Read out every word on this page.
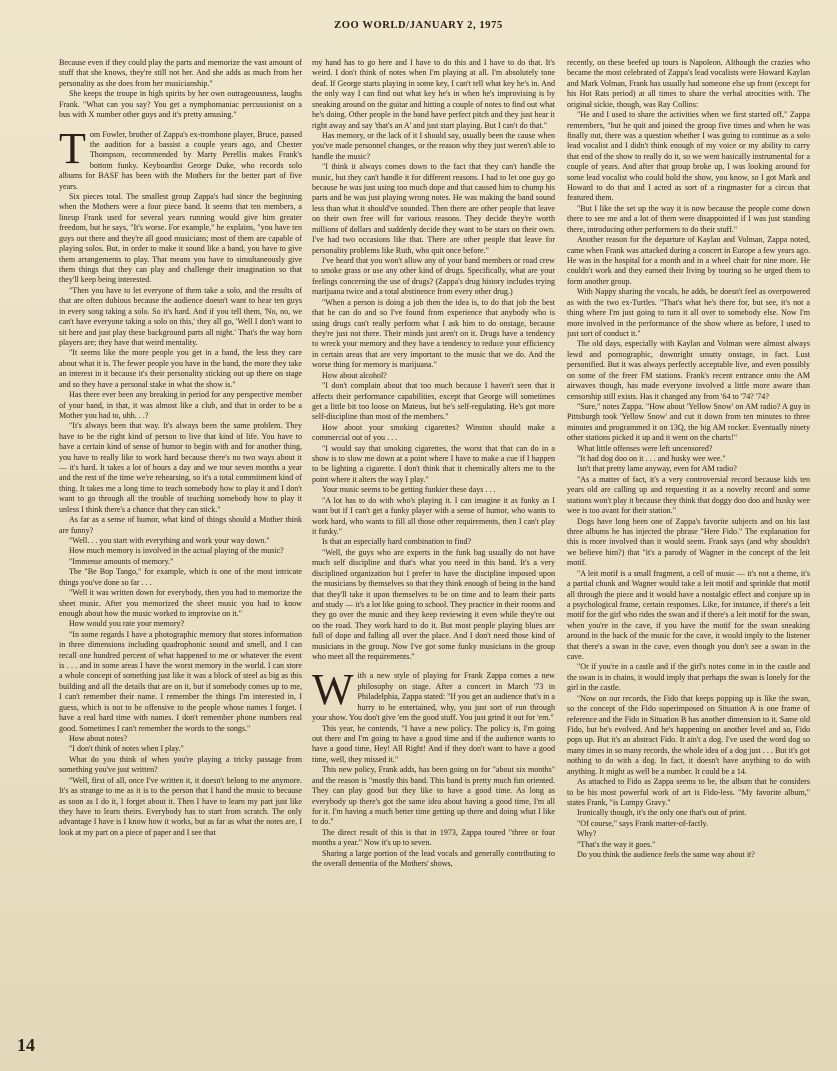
ZOO WORLD/JANUARY 2, 1975

Because even if they could play the parts and memorize the vast amount of stuff that she knows, they're still not her. And she adds as much from her personality as she does from her musicianship."

She keeps the troupe in high spirits by her own outrageousness, laughs Frank. "What can you say? You get a nymphomaniac percussionist on a bus with X number other guys and it's pretty amusing."

Tom Fowler, brother of Zappa's ex-trombone player, Bruce, passed the audition for a bassist a couple years ago, and Chester Thompson, recommended by Marty Perellis makes Frank's bottom funky. Keyboardist George Duke, who records solo albums for BASF has been with the Mothers for the better part of five years.

Six pieces total. The smallest group Zappa's had since the beginning when the Mothers were a four piece band. It seems that ten members, a lineup Frank used for several years running would give him greater freedom, but he says, "It's worse. For example," he explains, "you have ten guys out there and they're all good musicians; most of them are capable of playing solos. But, in order to make it sound like a band, you have to give them arrangements to play. That means you have to simultaneously give them things that they can play and challenge their imagination so that they'll keep being interested.

"Then you have to let everyone of them take a solo, and the results of that are often dubious because the audience doesn't want to hear ten guys in every song taking a solo. So it's hard. And if you tell them, 'No, no, we can't have everyone taking a solo on this,' they all go, 'Well I don't want to sit here and just play these background parts all night.' That's the way horn players are; they have that weird mentality.

"It seems like the more people you get in a band, the less they care about what it is. The fewer people you have in the band, the more they take an interest in it because it's their personality sticking out up there on stage and so they have a personal stake in what the show is."

Has there ever been any breaking in period for any perspective member of your band, in that, it was almost like a club, and that in order to be a Mother you had to, uhh. . .?

"It's always been that way. It's always been the same problem. They have to be the right kind of person to live that kind of life. You have to have a certain kind of sense of humor to begin with and for another thing, you have to really like to work hard because there's no two ways about it — it's hard. It takes a lot of hours a day and we tour seven months a year and the rest of the time we're rehearsing, so it's a total commitment kind of thing. It takes me a long time to teach somebody how to play it and I don't want to go through all the trouble of teaching somebody how to play it unless I think there's a chance that they can stick."

As far as a sense of humor, what kind of things should a Mother think are funny?

"Well. . . you start with everything and work your way down."

How much memory is involved in the actual playing of the music?

"Immense amounts of memory."

The "Be Bop Tango," for example, which is one of the most intricate things you've done so far . . .

"Well it was written down for everybody, then you had to memorize the sheet music. After you memorized the sheet music you had to know enough about how the music worked to improvise on it."

How would you rate your memory?

"In some regards I have a photographic memory that stores information in three dimensions including quadrophonic sound and smell, and I can recall one hundred percent of what happened to me or whatever the event is . . . and in some areas I have the worst memory in the world. I can store a whole concept of something just like it was a block of steel as big as this building and all the details that are on it, but if somebody comes up to me, I can't remember their name. I remember the things I'm interested in, I guess, which is not to be offensive to the people whose names I forget. I have a real hard time with names. I don't remember phone numbers real good. Sometimes I can't remember the words to the songs."

How about notes?

"I don't think of notes when I play."

What do you think of when you're playing a tricky passage from something you've just written?

"Well, first of all, once I've written it, it doesn't belong to me anymore. It's as strange to me as it is to the person that I hand the music to because as soon as I do it, I forget about it. Then I have to learn my part just like they have to learn theirs. Everybody has to start from scratch. The only advantage I have is I know how it works, but as far as what the notes are, I look at my part on a piece of paper and I see that

my hand has to go here and I have to do this and I have to do that. It's weird. I don't think of notes when I'm playing at all. I'm absolutely tone deaf. If George starts playing in some key, I can't tell what key he's in. And the only way I can find out what key he's in when he's improvising is by sneaking around on the guitar and hitting a couple of notes to find out what he's doing. Other people in the band have perfect pitch and they just hear it right away and say 'that's an A' and just start playing. But I can't do that."

Has memory, or the lack of it I should say, usually been the cause when you've made personnel changes, or the reason why they just weren't able to handle the music?

"I think it always comes down to the fact that they can't handle the music, but they can't handle it for different reasons. I had to let one guy go because he was just using too much dope and that caused him to chump his parts and he was just playing wrong notes. He was making the band sound less than what it should've sounded. Then there are other people that leave on their own free will for various reasons. They decide they're worth millions of dollars and suddenly decide they want to be stars on their own. I've had two occasions like that. There are other people that leave for personality problems like Ruth, who quit once before."

I've heard that you won't allow any of your band members or road crew to smoke grass or use any other kind of drugs. Specifically, what are your feelings concerning the use of drugs? (Zappa's drug history includes trying marijuana twice and a total abstinence from every other drug.)

"When a person is doing a job then the idea is, to do that job the best that he can do and so I've found from experience that anybody who is using drugs can't really perform what I ask him to do onstage, because they're just not there. Their minds just aren't on it. Drugs have a tendency to wreck your memory and they have a tendency to reduce your efficiency in certain areas that are very important to the music that we do. And the worse thing for memory is marijuana."

How about alcohol?

"I don't complain about that too much because I haven't seen that it affects their performance capabilities, except that George will sometimes get a little bit too loose on Mateus, but he's self-regulating. He's got more self-discipline than most of the members."

How about your smoking cigarettes? Winston should make a commercial out of you . . .

"I would say that smoking cigarettes, the worst that that can do in a show is to slow me down at a point where I have to make a cue if I happen to be lighting a cigarette. I don't think that it chemically alters me to the point where it alters the way I play."

Your music seems to be getting funkier these days . . .

"A lot has to do with who's playing it. I can imagine it as funky as I want but if I can't get a funky player with a sense of humor, who wants to work hard, who wants to fill all those other requirements, then I can't play it funky."

Is that an especially hard combination to find?

"Well, the guys who are experts in the funk bag usually do not have much self discipline and that's what you need in this band. It's a very disciplined organization but I prefer to have the discipline imposed upon the musicians by themselves so that they think enough of being in the band that they'll take it upon themselves to be on time and to learn their parts and study — it's a lot like going to school. They practice in their rooms and they go over the music and they keep reviewing it even while they're out on the road. They work hard to do it. But most people playing blues are full of dope and falling all over the place. And I don't need those kind of musicians in the group. Now I've got some funky musicians in the group who meet all the requirements."

With a new style of playing for Frank Zappa comes a new philosophy on stage. After a concert in March '73 in Philadelphia, Zappa stated: "If you get an audience that's in a hurry to be entertained, why, you just sort of run through your show. You don't give 'em the good stuff. You just grind it out for 'em."

This year, he contends, "I have a new policy. The policy is, I'm going out there and I'm going to have a good time and if the audience wants to have a good time, Hey! All Right! And if they don't want to have a good time, well, they missed it."

This new policy, Frank adds, has been going on for "about six months" and the reason is "mostly this band. This band is pretty much fun oriented. They can play good but they like to have a good time. As long as everybody up there's got the same idea about having a good time, I'm all for it. I'm having a much better time getting up there and doing what I like to do."

The direct result of this is that in 1973, Zappa toured "three or four months a year." Now it's up to seven.

Sharing a large portion of the lead vocals and generally contributing to the overall dementia of the Mothers' shows,

recently, on these beefed up tours is Napoleon. Although the crazies who became the most celebrated of Zappa's lead vocalists were Howard Kaylan and Mark Volman, Frank has usually had someone else up front (except for his Hot Rats period) at all times to share the verbal atrocities with. The original sickie, though, was Ray Collins:

"He and I used to share the activities when we first started off," Zappa remembers, "but he quit and joined the group five times and when he was finally out, there was a question whether I was going to continue as a solo lead vocalist and I didn't think enough of my voice or my ability to carry that end of the show to really do it, so we went basically instrumental for a couple of years. And after that group broke up, I was looking around for some lead vocalist who could hold the show, you know, so I got Mark and Howard to do that and I acted as sort of a ringmaster for a circus that featured them.

"But I like the set up the way it is now because the people come down there to see me and a lot of them were disappointed if I was just standing there, introducing other performers to do their stuff."

Another reason for the departure of Kaylan and Volman, Zappa noted, came when Frank was attacked during a concert in Europe a few years ago. He was in the hospital for a month and in a wheel chair for nine more. He couldn't work and they earned their living by touring so he urged them to form another group.

With Nappy sharing the vocals, he adds, he doesn't feel as overpowered as with the two ex-Turtles. "That's what he's there for, but see, it's not a thing where I'm just going to turn it all over to somebody else. Now I'm more involved in the performance of the show where as before, I used to just sort of conduct it."

The old days, especially with Kaylan and Volman were almost always lewd and pornographic, downright smutty onstage, in fact. Lust personified. But it was always perfectly acceptable live, and even possibly on some of the freer FM stations. Frank's recent entrance onto the AM airwaves though, has made everyone involved a little more aware than censorship still exists. Has it changed any from '64 to '74? '74?

"Sure," notes Zappa. "How about 'Yellow Snow' on AM radio? A guy in Pittsburgh took 'Yellow Snow' and cut it down from ten minutes to three minutes and programmed it on 13Q, the big AM rocker. Eventually ninety other stations picked it up and it went on the charts!"

What little offenses were left uncensored?

"It had dog doo on it . . . and husky wee wee."

Isn't that pretty lame anyway, even for AM radio?

"As a matter of fact, it's a very controversial record because kids ten years old are calling up and requesting it as a novelty record and some stations won't play it because they think that doggy doo doo and husky wee wee is too avant for their station."

Dogs have long been one of Zappa's favorite subjects and on his last three albums he has injected the phrase "Here Fido." The explanation for this is more involved than it would seem. Frank says (and why shouldn't we believe him?) that "it's a parody of Wagner in the concept of the leit motif.

"A leit motif is a small fragment, a cell of music — it's not a theme, it's a partial chunk and Wagner would take a leit motif and sprinkle that motif all through the piece and it would have a nostalgic effect and conjure up in a psychological frame, certain responses. Like, for instance, if there's a leit motif for the girl who rides the swan and if there's a leit motif for the swan, when you're in the cave, if you have the motif for the swan sneaking around in the back of the music for the cave, it would imply to the listener that there's a swan in the cave, even though you don't see a swan in the cave.

"Or if you're in a castle and if the girl's notes come in in the castle and the swan is in chains, it would imply that perhaps the swan is lonely for the girl in the castle.

"Now on our records, the Fido that keeps popping up is like the swan, so the concept of the Fido superimposed on Situation A is one frame of reference and the Fido in Situation B has another dimension to it. Same old Fido, but he's evolved. And he's happening on another level and so, Fido pops up. But it's an abstract Fido. It ain't a dog. I've used the word dog so many times in so many records, the whole idea of a dog just . . . But it's got nothing to do with a dog. In fact, it doesn't have anything to do with anything. It might as well be a number. It could be a 14.

As attached to Fido as Zappa seems to be, the album that he considers to be his most powerful work of art is Fido-less. "My favorite album," states Frank, "is Lumpy Gravy."

Ironically though, it's the only one that's out of print.

"Of course," says Frank matter-of-factly.

Why?

"That's the way it goes."

Do you think the audience feels the same way about it?

14
